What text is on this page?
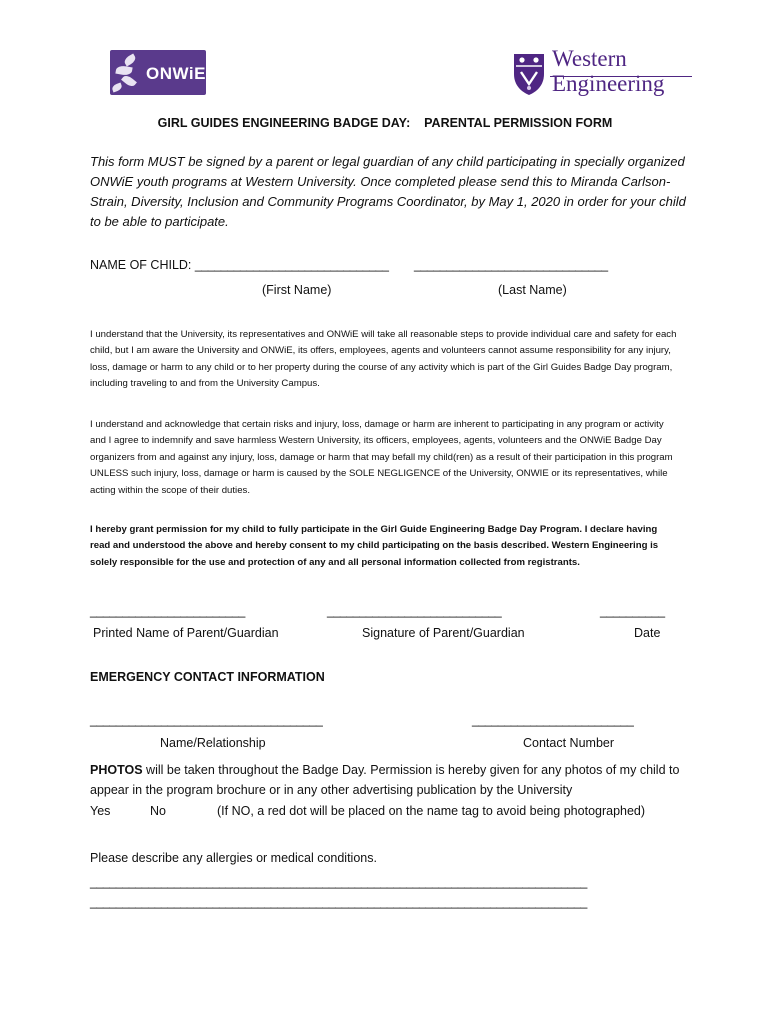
ONWiE
Western
Engineering
GIRL GUIDES ENGINEERING BADGE DAY:    PARENTAL PERMISSION FORM
This form MUST be signed by a parent or legal guardian of any child participating in specially organized ONWiE youth programs at Western University. Once completed please send this to Miranda Carlson-Strain, Diversity, Inclusion and Community Programs Coordinator, by May 1, 2020 in order for your child to be able to participate.
NAME OF CHILD: ______________________________ ______________________________
(First Name)	(Last Name)
I understand that the University, its representatives and ONWiE will take all reasonable steps to provide individual care and safety for each child, but I am aware the University and ONWiE, its offers, employees, agents and volunteers cannot assume responsibility for any injury, loss, damage or harm to any child or to her property during the course of any activity which is part of the Girl Guides Badge Day program, including traveling to and from the University Campus.
I understand and acknowledge that certain risks and injury, loss, damage or harm are inherent to participating in any program or activity and I agree to indemnify and save harmless Western University, its officers, employees, agents, volunteers and the ONWiE Badge Day organizers from and against any injury, loss, damage or harm that may befall my child(ren) as a result of their participation in this program UNLESS such injury, loss, damage or harm is caused by the SOLE NEGLIGENCE of the University, ONWIE or its representatives, while acting within the scope of their duties.
I hereby grant permission for my child to fully participate in the Girl Guide Engineering Badge Day Program. I declare having read and understood the above and hereby consent to my child participating on the basis described. Western Engineering is solely responsible for the use and protection of any and all personal information collected from registrants.
________________________	___________________________	__________
Printed Name of Parent/Guardian	Signature of Parent/Guardian	Date
EMERGENCY CONTACT INFORMATION
____________________________________	_________________________
Name/Relationship	Contact Number
PHOTOS will be taken throughout the Badge Day. Permission is hereby given for any photos of my child to appear in the program brochure or in any other advertising publication by the University
Yes	No	(If NO, a red dot will be placed on the name tag to avoid being photographed)
Please describe any allergies or medical conditions.
_____________________________________________________________________________
_____________________________________________________________________________
